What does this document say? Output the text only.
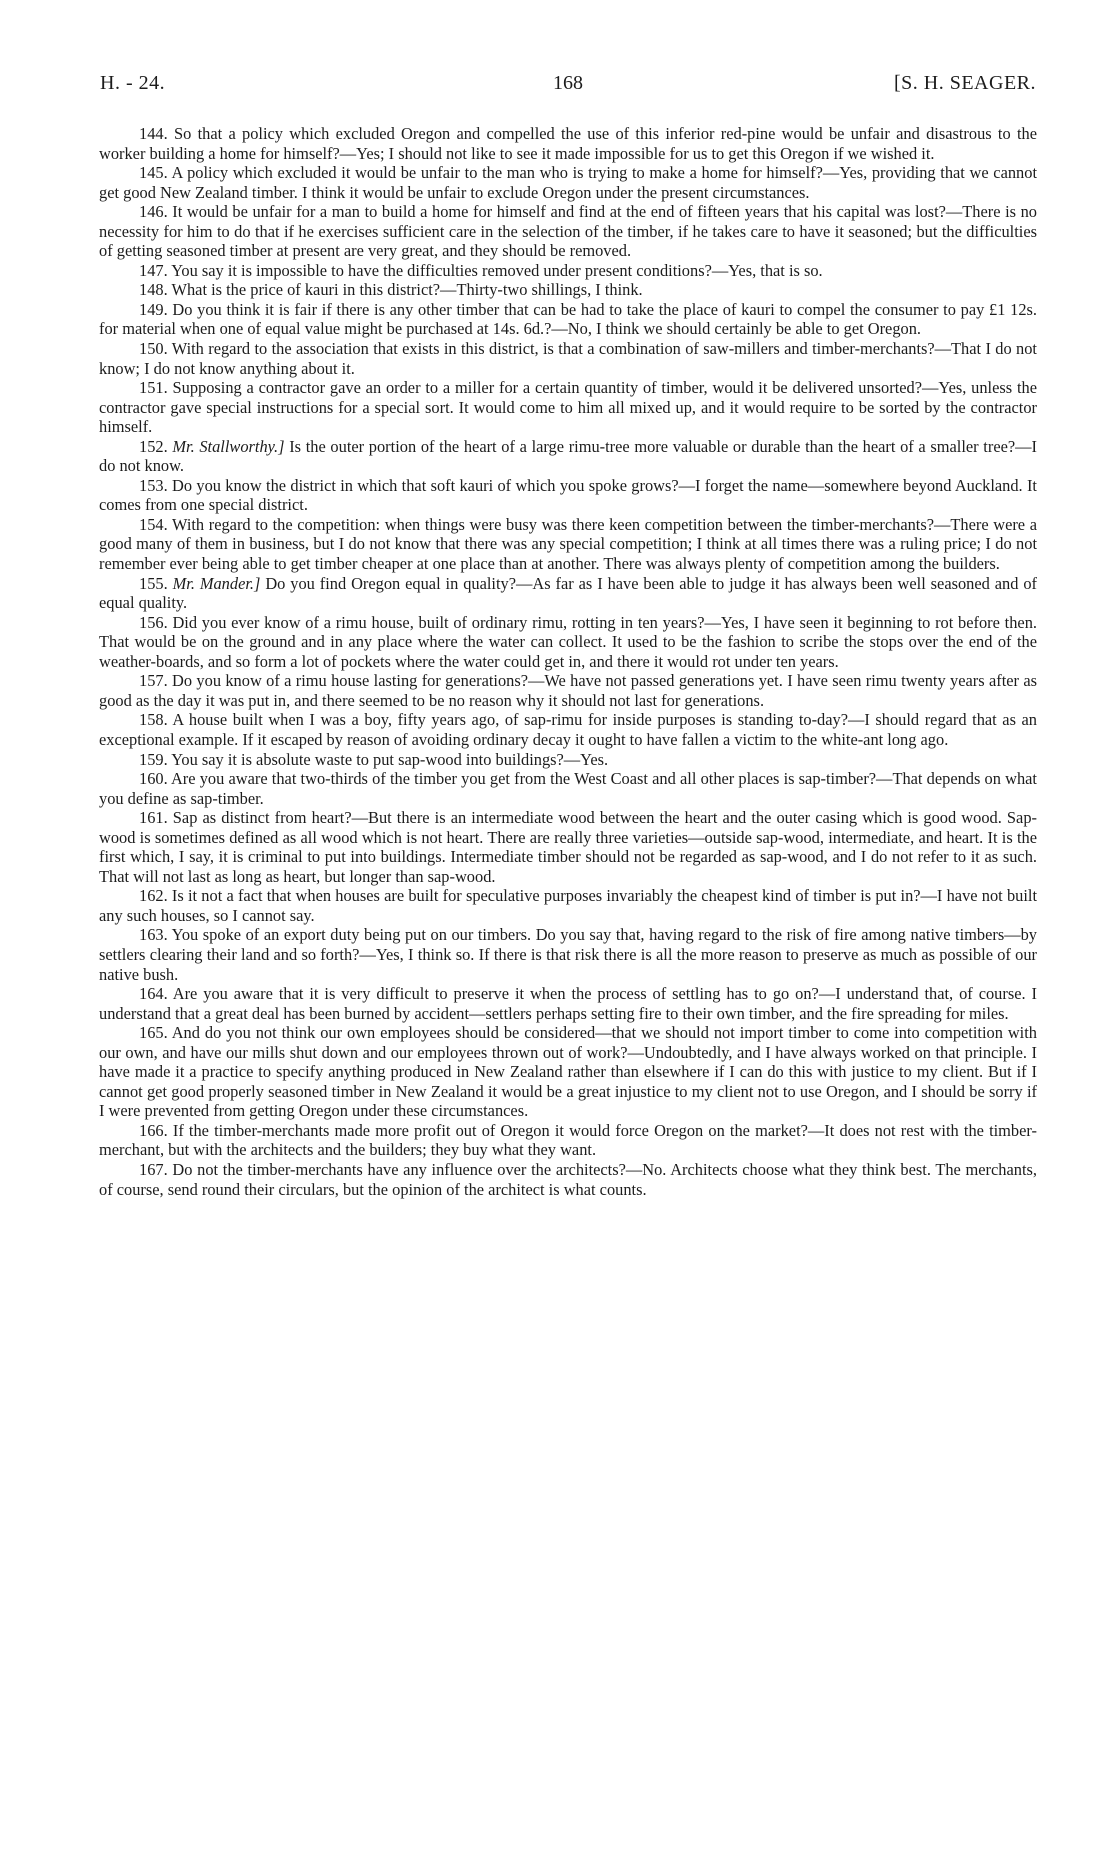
H. - 24.	168	[S. H. SEAGER.

144. So that a policy which excluded Oregon and compelled the use of this inferior red-pine would be unfair and disastrous to the worker building a home for himself?—Yes; I should not like to see it made impossible for us to get this Oregon if we wished it.

145. A policy which excluded it would be unfair to the man who is trying to make a home for himself?—Yes, providing that we cannot get good New Zealand timber. I think it would be unfair to exclude Oregon under the present circumstances.

146. It would be unfair for a man to build a home for himself and find at the end of fifteen years that his capital was lost?—There is no necessity for him to do that if he exercises sufficient care in the selection of the timber, if he takes care to have it seasoned; but the difficulties of getting seasoned timber at present are very great, and they should be removed.

147. You say it is impossible to have the difficulties removed under present conditions?—Yes, that is so.

148. What is the price of kauri in this district?—Thirty-two shillings, I think.

149. Do you think it is fair if there is any other timber that can be had to take the place of kauri to compel the consumer to pay £1 12s. for material when one of equal value might be purchased at 14s. 6d.?—No, I think we should certainly be able to get Oregon.

150. With regard to the association that exists in this district, is that a combination of saw-millers and timber-merchants?—That I do not know; I do not know anything about it.

151. Supposing a contractor gave an order to a miller for a certain quantity of timber, would it be delivered unsorted?—Yes, unless the contractor gave special instructions for a special sort. It would come to him all mixed up, and it would require to be sorted by the contractor himself.

152. Mr. Stallworthy.] Is the outer portion of the heart of a large rimu-tree more valuable or durable than the heart of a smaller tree?—I do not know.

153. Do you know the district in which that soft kauri of which you spoke grows?—I forget the name—somewhere beyond Auckland. It comes from one special district.

154. With regard to the competition: when things were busy was there keen competition between the timber-merchants?—There were a good many of them in business, but I do not know that there was any special competition; I think at all times there was a ruling price; I do not remember ever being able to get timber cheaper at one place than at another. There was always plenty of competition among the builders.

155. Mr. Mander.] Do you find Oregon equal in quality?—As far as I have been able to judge it has always been well seasoned and of equal quality.

156. Did you ever know of a rimu house, built of ordinary rimu, rotting in ten years?—Yes, I have seen it beginning to rot before then. That would be on the ground and in any place where the water can collect. It used to be the fashion to scribe the stops over the end of the weather-boards, and so form a lot of pockets where the water could get in, and there it would rot under ten years.

157. Do you know of a rimu house lasting for generations?—We have not passed generations yet. I have seen rimu twenty years after as good as the day it was put in, and there seemed to be no reason why it should not last for generations.

158. A house built when I was a boy, fifty years ago, of sap-rimu for inside purposes is standing to-day?—I should regard that as an exceptional example. If it escaped by reason of avoiding ordinary decay it ought to have fallen a victim to the white-ant long ago.

159. You say it is absolute waste to put sap-wood into buildings?—Yes.

160. Are you aware that two-thirds of the timber you get from the West Coast and all other places is sap-timber?—That depends on what you define as sap-timber.

161. Sap as distinct from heart?—But there is an intermediate wood between the heart and the outer casing which is good wood. Sap-wood is sometimes defined as all wood which is not heart. There are really three varieties—outside sap-wood, intermediate, and heart. It is the first which, I say, it is criminal to put into buildings. Intermediate timber should not be regarded as sap-wood, and I do not refer to it as such. That will not last as long as heart, but longer than sap-wood.

162. Is it not a fact that when houses are built for speculative purposes invariably the cheapest kind of timber is put in?—I have not built any such houses, so I cannot say.

163. You spoke of an export duty being put on our timbers. Do you say that, having regard to the risk of fire among native timbers—by settlers clearing their land and so forth?—Yes, I think so. If there is that risk there is all the more reason to preserve as much as possible of our native bush.

164. Are you aware that it is very difficult to preserve it when the process of settling has to go on?—I understand that, of course. I understand that a great deal has been burned by accident—settlers perhaps setting fire to their own timber, and the fire spreading for miles.

165. And do you not think our own employees should be considered—that we should not import timber to come into competition with our own, and have our mills shut down and our employees thrown out of work?—Undoubtedly, and I have always worked on that principle. I have made it a practice to specify anything produced in New Zealand rather than elsewhere if I can do this with justice to my client. But if I cannot get good properly seasoned timber in New Zealand it would be a great injustice to my client not to use Oregon, and I should be sorry if I were prevented from getting Oregon under these circumstances.

166. If the timber-merchants made more profit out of Oregon it would force Oregon on the market?—It does not rest with the timber-merchant, but with the architects and the builders; they buy what they want.

167. Do not the timber-merchants have any influence over the architects?—No. Architects choose what they think best. The merchants, of course, send round their circulars, but the opinion of the architect is what counts.
